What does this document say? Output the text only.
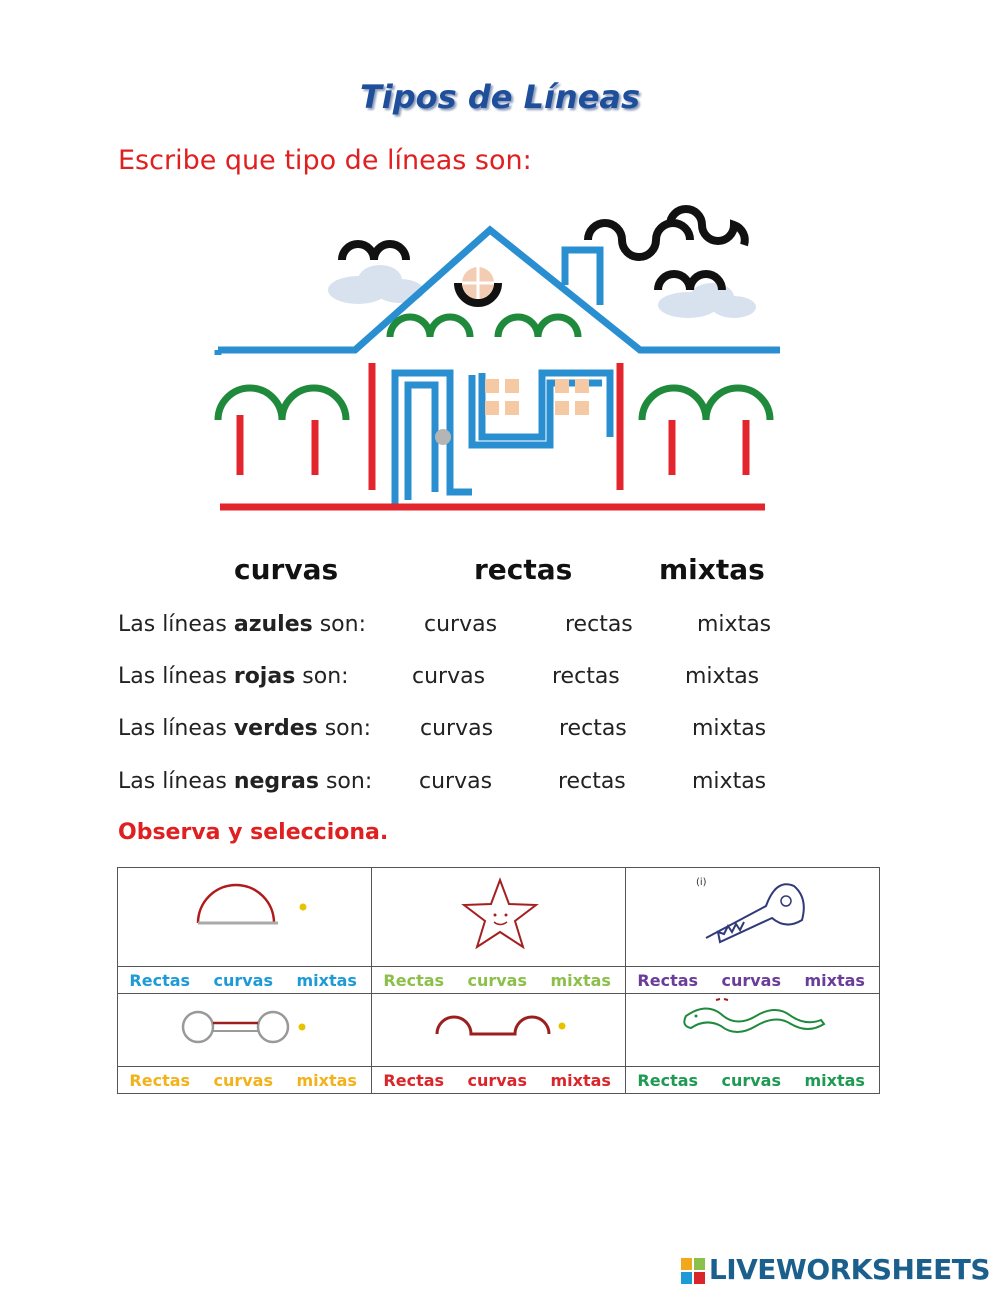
Tipos de Líneas
Escribe que tipo de líneas son:
curvas	rectas	mixtas
Las líneas azules son:	curvas	rectas	mixtas
Las líneas rojas son:	curvas	rectas	mixtas
Las líneas verdes son: curvas	rectas	mixtas
Las líneas negras son: curvas	rectas	mixtas
Observa y selecciona.

(i)

Rectas curvas mixtas	Rectas curvas mixtas	Rectas curvas mixtas

Rectas curvas mixtas	Rectas curvas mixtas	Rectas curvas mixtas
LIVEWORKSHEETS
